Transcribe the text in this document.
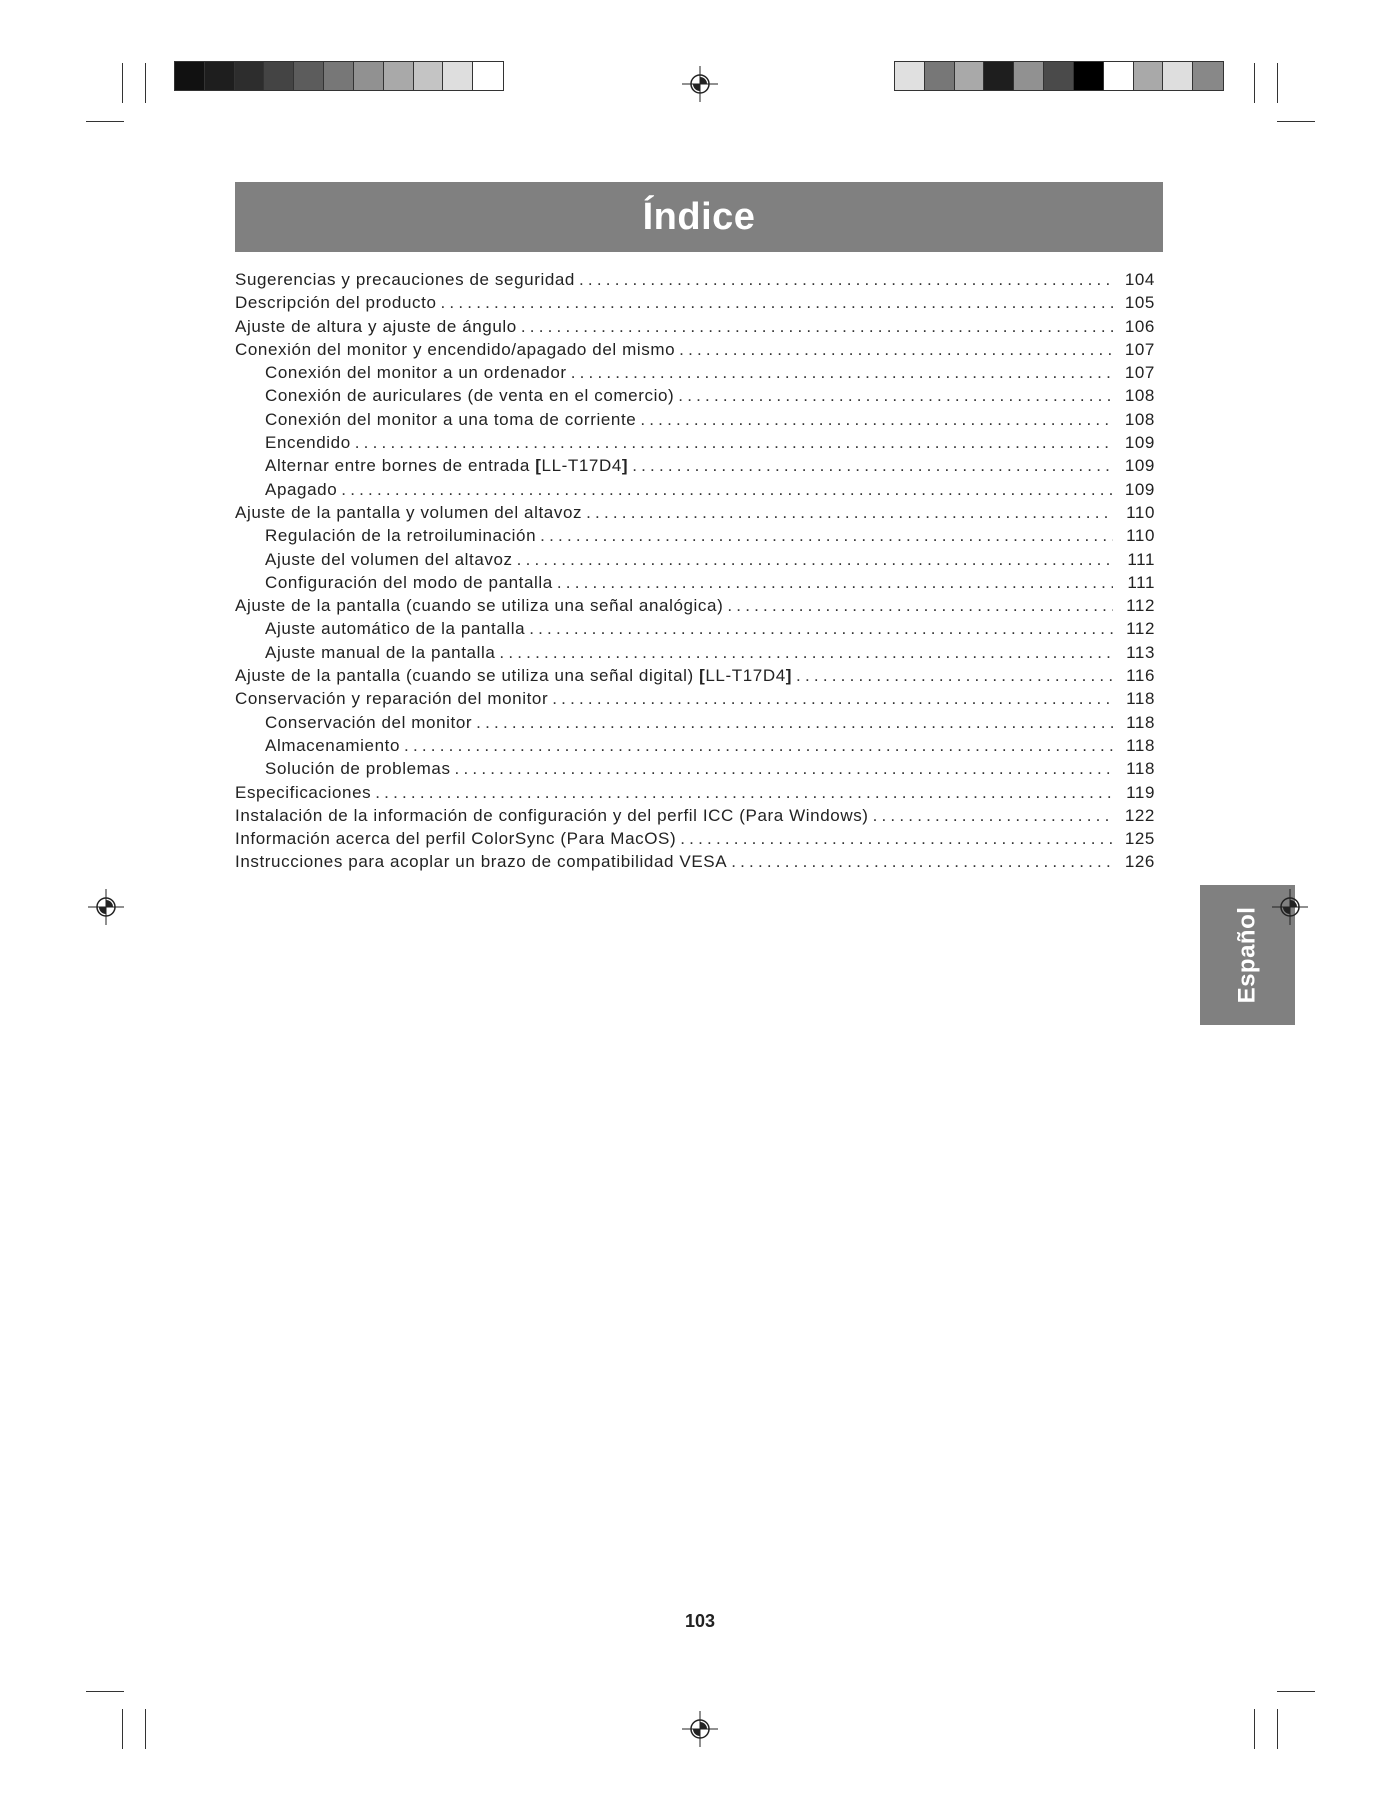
Índice
Sugerencias y precauciones de seguridad .....	104
Descripción del producto .....	105
Ajuste de altura y ajuste de ángulo .....	106
Conexión del monitor y encendido/apagado del mismo .....	107
Conexión del monitor a un ordenador .....	107
Conexión de auriculares (de venta en el comercio) .....	108
Conexión del monitor a una toma de corriente .....	108
Encendido .....	109
Alternar entre bornes de entrada [LL-T17D4] .....	109
Apagado .....	109
Ajuste de la pantalla y volumen del altavoz .....	110
Regulación de la retroiluminación .....	110
Ajuste del volumen del altavoz .....	111
Configuración del modo de pantalla .....	111
Ajuste de la pantalla (cuando se utiliza una señal analógica) .....	112
Ajuste automático de la pantalla .....	112
Ajuste manual de la pantalla .....	113
Ajuste de la pantalla (cuando se utiliza una señal digital) [LL-T17D4] .....	116
Conservación y reparación del monitor .....	118
Conservación del monitor .....	118
Almacenamiento .....	118
Solución de problemas .....	118
Especificaciones .....	119
Instalación de la información de configuración y del perfil ICC (Para Windows) .....	122
Información acerca del perfil ColorSync (Para MacOS) .....	125
Instrucciones para acoplar un brazo de compatibilidad VESA .....	126
Español
103
